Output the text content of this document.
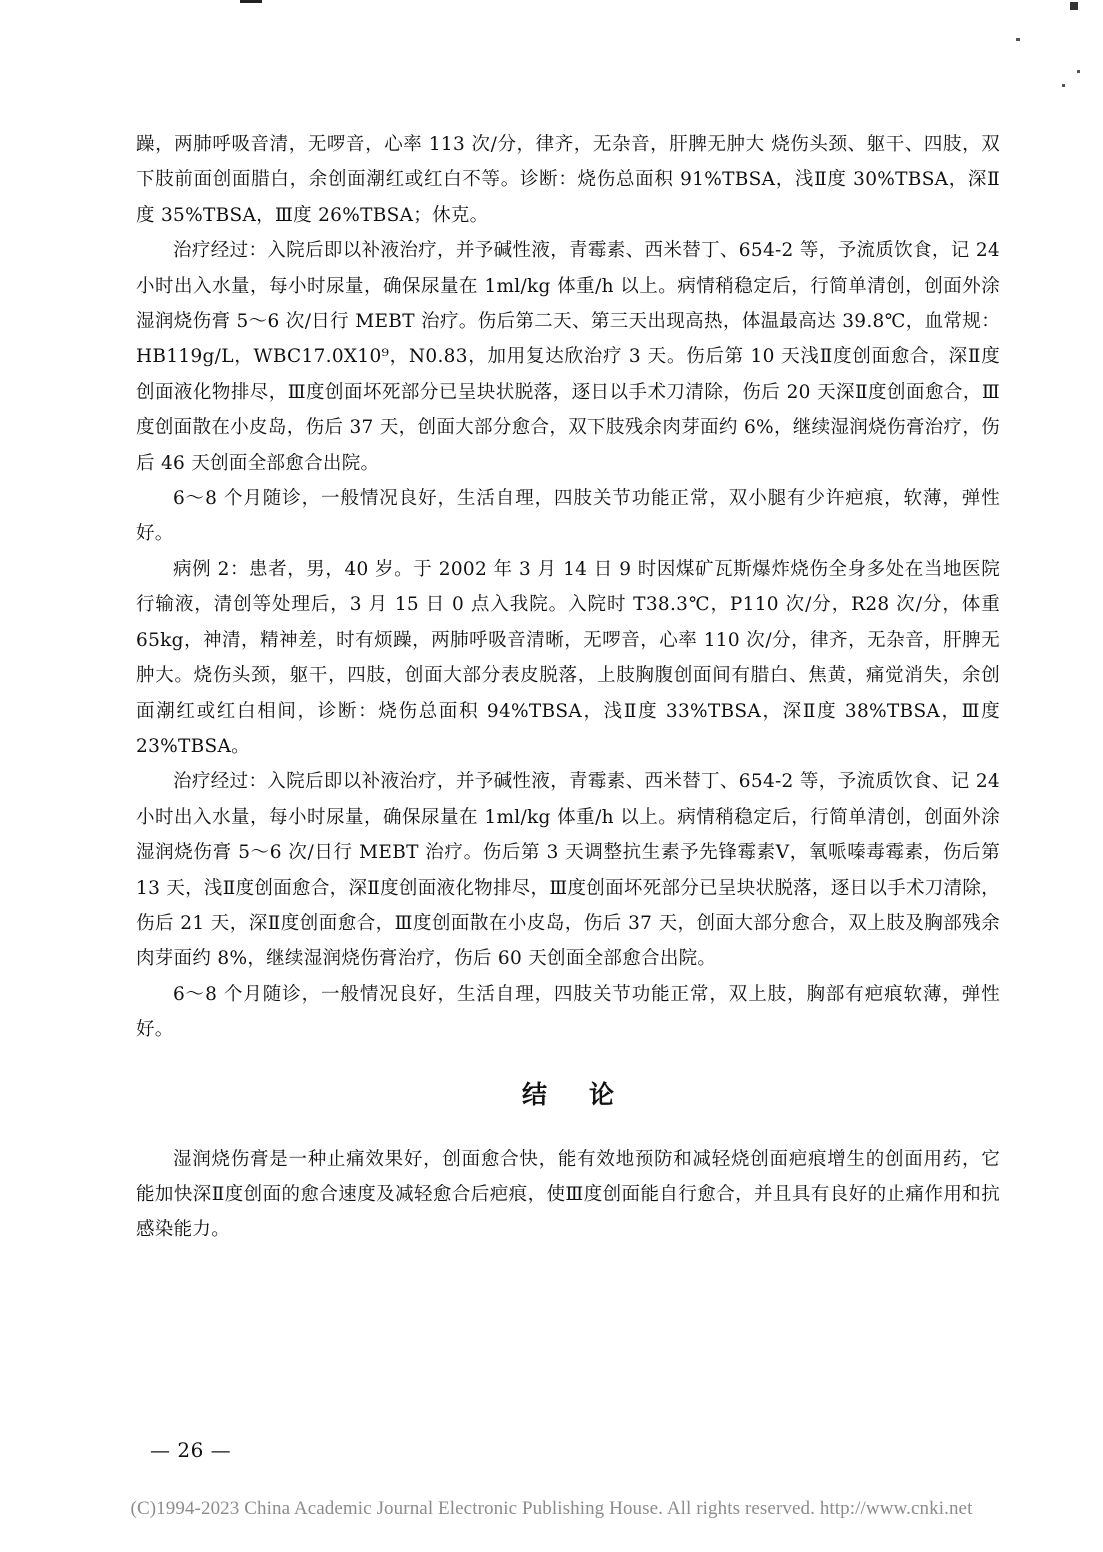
躁，两肺呼吸音清，无啰音，心率 113 次/分，律齐，无杂音，肝脾无肿大 烧伤头颈、躯干、四肢，双下肢前面创面腊白，余创面潮红或红白不等。诊断：烧伤总面积 91%TBSA，浅Ⅱ度 30%TBSA，深Ⅱ度 35%TBSA，Ⅲ度 26%TBSA；休克。

治疗经过：入院后即以补液治疗，并予碱性液，青霉素、西米替丁、654-2 等，予流质饮食，记 24 小时出入水量，每小时尿量，确保尿量在 1ml/kg 体重/h 以上。病情稍稳定后，行简单清创，创面外涂湿润烧伤膏 5～6 次/日行 MEBT 治疗。伤后第二天、第三天出现高热，体温最高达 39.8℃，血常规：HB119g/L，WBC17.0X10⁹，N0.83，加用复达欣治疗 3 天。伤后第 10 天浅Ⅱ度创面愈合，深Ⅱ度创面液化物排尽，Ⅲ度创面坏死部分已呈块状脱落，逐日以手术刀清除，伤后 20 天深Ⅱ度创面愈合，Ⅲ度创面散在小皮岛，伤后 37 天，创面大部分愈合，双下肢残余肉芽面约 6%，继续湿润烧伤膏治疗，伤后 46 天创面全部愈合出院。

6～8 个月随诊，一般情况良好，生活自理，四肢关节功能正常，双小腿有少许疤痕，软薄，弹性好。

病例 2：患者，男，40 岁。于 2002 年 3 月 14 日 9 时因煤矿瓦斯爆炸烧伤全身多处在当地医院行输液，清创等处理后，3 月 15 日 0 点入我院。入院时 T38.3℃，P110 次/分，R28 次/分，体重 65kg，神清，精神差，时有烦躁，两肺呼吸音清晰，无啰音，心率 110 次/分，律齐，无杂音，肝脾无肿大。烧伤头颈，躯干，四肢，创面大部分表皮脱落，上肢胸腹创面间有腊白、焦黄，痛觉消失，余创面潮红或红白相间，诊断：烧伤总面积 94%TBSA，浅Ⅱ度 33%TBSA，深Ⅱ度 38%TBSA，Ⅲ度 23%TBSA。

治疗经过：入院后即以补液治疗，并予碱性液，青霉素、西米替丁、654-2 等，予流质饮食、记 24 小时出入水量，每小时尿量，确保尿量在 1ml/kg 体重/h 以上。病情稍稳定后，行简单清创，创面外涂湿润烧伤膏 5～6 次/日行 MEBT 治疗。伤后第 3 天调整抗生素予先锋霉素Ⅴ，氧哌嗪毒霉素，伤后第 13 天，浅Ⅱ度创面愈合，深Ⅱ度创面液化物排尽，Ⅲ度创面坏死部分已呈块状脱落，逐日以手术刀清除，伤后 21 天，深Ⅱ度创面愈合，Ⅲ度创面散在小皮岛，伤后 37 天，创面大部分愈合，双上肢及胸部残余肉芽面约 8%，继续湿润烧伤膏治疗，伤后 60 天创面全部愈合出院。

6～8 个月随诊，一般情况良好，生活自理，四肢关节功能正常，双上肢，胸部有疤痕软薄，弹性好。

结论

湿润烧伤膏是一种止痛效果好，创面愈合快，能有效地预防和减轻烧创面疤痕增生的创面用药，它能加快深Ⅱ度创面的愈合速度及减轻愈合后疤痕，使Ⅲ度创面能自行愈合，并且具有良好的止痛作用和抗感染能力。

— 26 —
(C)1994-2023 China Academic Journal Electronic Publishing House. All rights reserved. http://www.cnki.net
